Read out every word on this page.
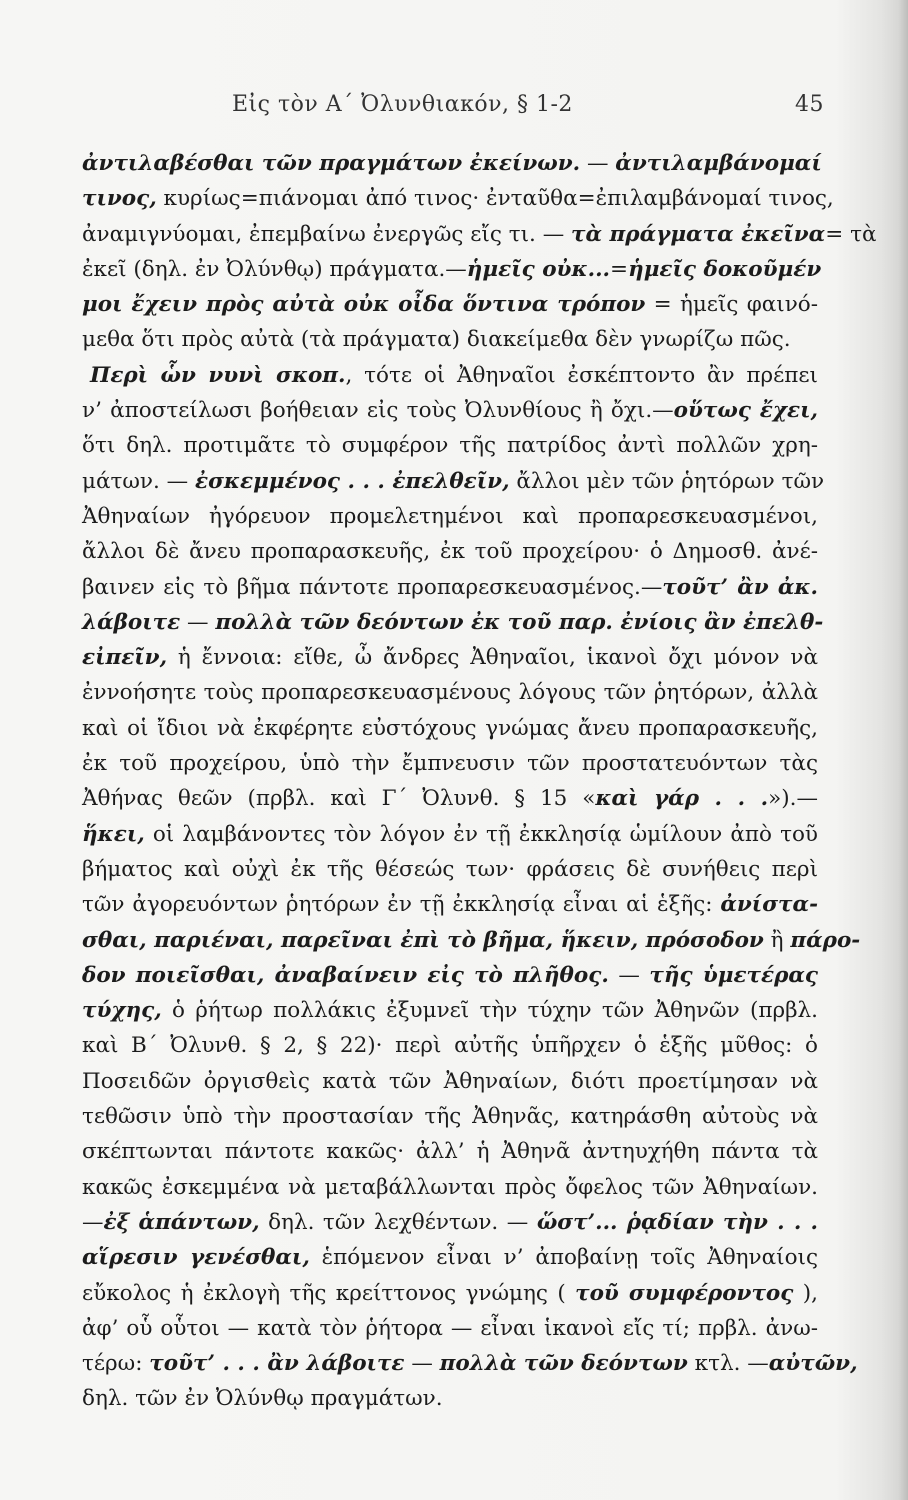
Εἰς τὸν Α΄ Ὀλυνθιακόν, § 1-2	45
ἀντιλαβέσθαι τῶν πραγμάτων ἐκείνων. — ἀντιλαμβάνομαί
τινος, κυρίως=πιάνομαι ἀπό τινος· ἐνταῦθα=ἐπιλαμβάνομαί τινος,
ἀναμιγνύομαι, ἐπεμβαίνω ἐνεργῶς εἴς τι. — τὰ πράγματα ἐκεῖνα= τὰ
ἐκεῖ (δηλ. ἐν Ὀλύνθῳ) πράγματα.—ἡμεῖς οὐκ...=ἡμεῖς δοκοῦμέν
μοι ἔχειν πρὸς αὐτὰ οὐκ οἶδα ὅντινα τρόπον = ἡμεῖς φαινό-
μεθα ὅτι πρὸς αὐτὰ (τὰ πράγματα) διακείμεθα δὲν γνωρίζω πῶς.
Περὶ ὧν νυνὶ σκοπ., τότε οἱ Ἀθηναῖοι ἐσκέπτοντο ἂν πρέπει
ν’ ἀποστείλωσι βοήθειαν εἰς τοὺς Ὀλυνθίους ἢ ὄχι.—οὕτως ἔχει,
ὅτι δηλ. προτιμᾶτε τὸ συμφέρον τῆς πατρίδος ἀντὶ πολλῶν χρη-
μάτων. — ἐσκεμμένος . . . ἐπελθεῖν, ἄλλοι μὲν τῶν ῥητόρων τῶν
Ἀθηναίων ἠγόρευον προμελετημένοι καὶ προπαρεσκευασμένοι,
ἄλλοι δὲ ἄνευ προπαρασκευῆς, ἐκ τοῦ προχείρου· ὁ Δημοσθ. ἀνέ-
βαινεν εἰς τὸ βῆμα πάντοτε προπαρεσκευασμένος.—τοῦτ’ ἂν ἀκ.
λάβοιτε — πολλὰ τῶν δεόντων ἐκ τοῦ παρ. ἐνίοις ἂν ἐπελθ-
εἰπεῖν, ἡ ἔννοια: εἴθε, ὦ ἄνδρες Ἀθηναῖοι, ἱκανοὶ ὄχι μόνον νὰ
ἐννοήσητε τοὺς προπαρεσκευασμένους λόγους τῶν ῥητόρων, ἀλλὰ
καὶ οἱ ἴδιοι νὰ ἐκφέρητε εὐστόχους γνώμας ἄνευ προπαρασκευῆς,
ἐκ τοῦ προχείρου, ὑπὸ τὴν ἔμπνευσιν τῶν προστατευόντων τὰς
Ἀθήνας θεῶν (πρβλ. καὶ Γ΄ Ὀλυνθ. § 15 «καὶ γάρ . . .»).—
ἥκει, οἱ λαμβάνοντες τὸν λόγον ἐν τῇ ἐκκλησίᾳ ὡμίλουν ἀπὸ τοῦ
βήματος καὶ οὐχὶ ἐκ τῆς θέσεώς των· φράσεις δὲ συνήθεις περὶ
τῶν ἀγορευόντων ῥητόρων ἐν τῇ ἐκκλησίᾳ εἶναι αἱ ἑξῆς: ἀνίστα-
σθαι, παριέναι, παρεῖναι ἐπὶ τὸ βῆμα, ἥκειν, πρόσοδον ἢ πάρο-
δον ποιεῖσθαι, ἀναβαίνειν εἰς τὸ πλῆθος. — τῆς ὑμετέρας
τύχης, ὁ ῥήτωρ πολλάκις ἐξυμνεῖ τὴν τύχην τῶν Ἀθηνῶν (πρβλ.
καὶ Β΄ Ὀλυνθ. § 2, § 22)· περὶ αὐτῆς ὑπῆρχεν ὁ ἑξῆς μῦθος: ὁ
Ποσειδῶν ὀργισθεὶς κατὰ τῶν Ἀθηναίων, διότι προετίμησαν νὰ
τεθῶσιν ὑπὸ τὴν προστασίαν τῆς Ἀθηνᾶς, κατηράσθη αὐτοὺς νὰ
σκέπτωνται πάντοτε κακῶς· ἀλλ’ ἡ Ἀθηνᾶ ἀντηυχήθη πάντα τὰ
κακῶς ἐσκεμμένα νὰ μεταβάλλωνται πρὸς ὄφελος τῶν Ἀθηναίων.
—ἐξ ἁπάντων, δηλ. τῶν λεχθέντων. — ὥστ’... ῥᾳδίαν τὴν . . .
αἵρεσιν γενέσθαι, ἑπόμενον εἶναι ν’ ἀποβαίνῃ τοῖς Ἀθηναίοις
εὔκολος ἡ ἐκλογὴ τῆς κρείττονος γνώμης ( τοῦ συμφέροντος ),
ἀφ’ οὗ οὗτοι — κατὰ τὸν ῥήτορα — εἶναι ἱκανοὶ εἴς τί; πρβλ. ἀνω-
τέρω: τοῦτ’ . . . ἂν λάβοιτε — πολλὰ τῶν δεόντων κτλ. —αὐτῶν,
δηλ. τῶν ἐν Ὀλύνθῳ πραγμάτων.
